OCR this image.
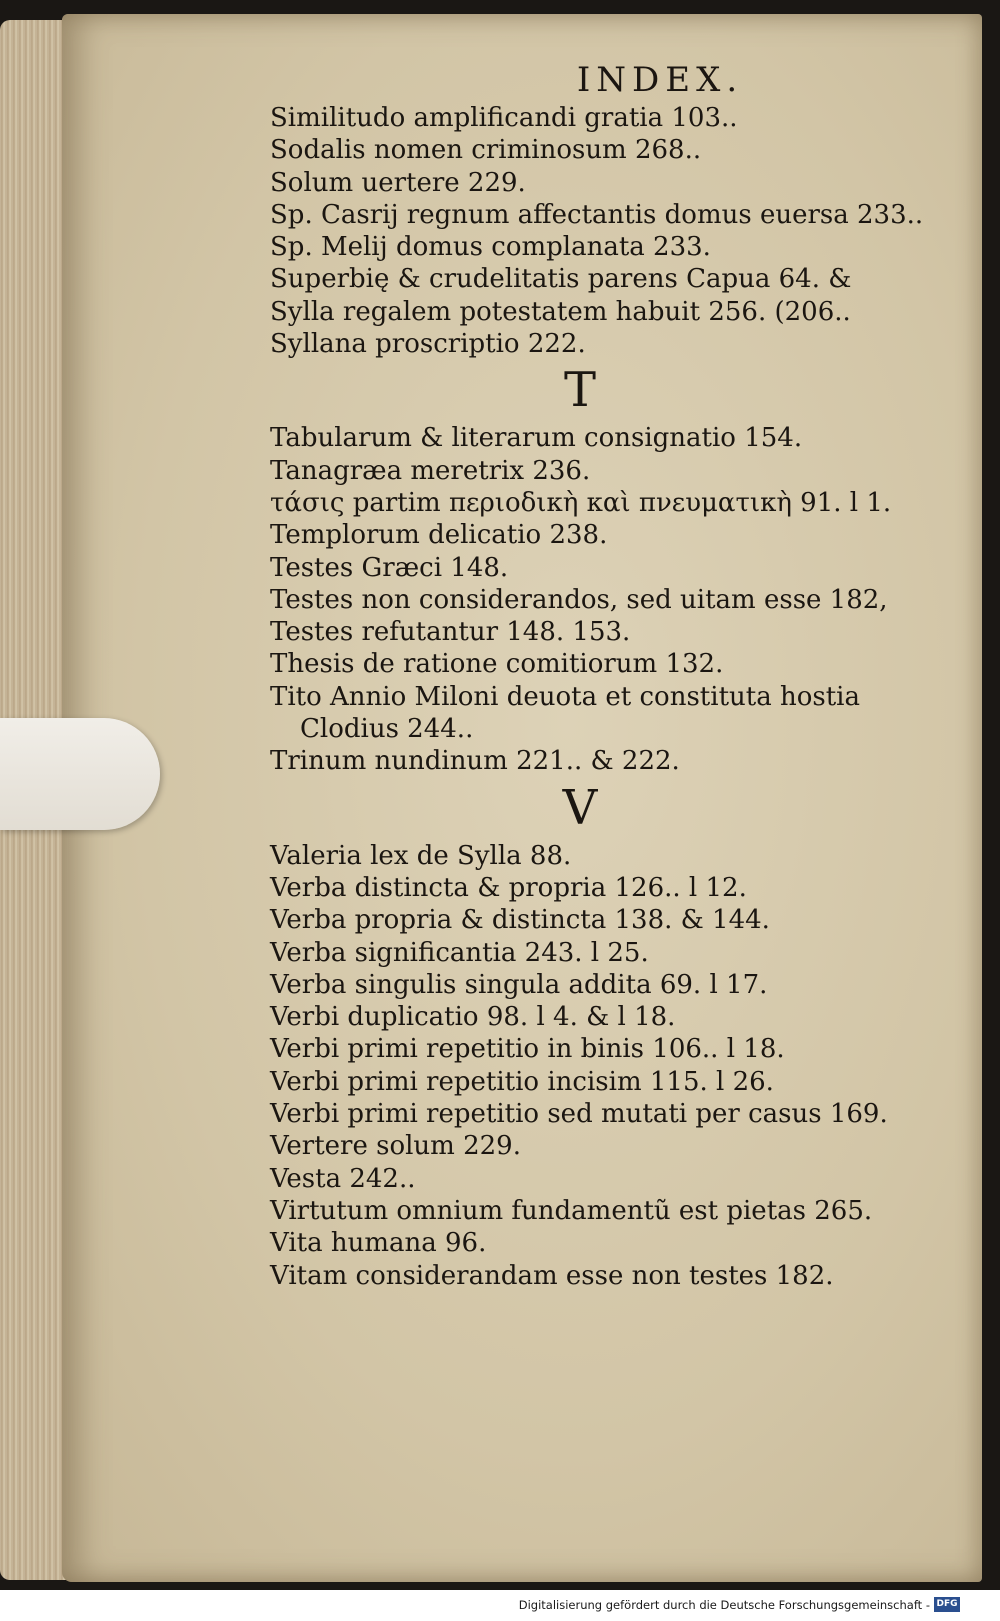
INDEX.
Similitudo amplificandi gratia 103..
Sodalis nomen criminosum 268..
Solum uertere 229.
Sp. Casrij regnum affectantis domus euersa 233..
Sp. Melij domus complanata 233.
Superbię & crudelitatis parens Capua 64. &
Sylla regalem potestatem habuit 256. (206..
Syllana proscriptio 222.
T
Tabularum & literarum consignatio 154.
Tanagræa meretrix 236.
τάσις partim περιοδικὴ καὶ πνευματικὴ 91. l 1.
Templorum delicatio 238.
Testes Græci 148.
Testes non considerandos, sed uitam esse 182,
Testes refutantur 148. 153.
Thesis de ratione comitiorum 132.
Tito Annio Miloni deuota et constituta hostia
Clodius 244..
Trinum nundinum 221.. & 222.
V
Valeria lex de Sylla 88.
Verba distincta & propria 126.. l 12.
Verba propria & distincta 138. & 144.
Verba significantia 243. l 25.
Verba singulis singula addita 69. l 17.
Verbi duplicatio 98. l 4. & l 18.
Verbi primi repetitio in binis 106.. l 18.
Verbi primi repetitio incisim 115. l 26.
Verbi primi repetitio sed mutati per casus 169.
Vertere solum 229.
Vesta 242..
Virtutum omnium fundamentũ est pietas 265.
Vita humana 96.
Vitam considerandam esse non testes 182.
Digitalisierung gefördert durch die Deutsche Forschungsgemeinschaft - DFG
